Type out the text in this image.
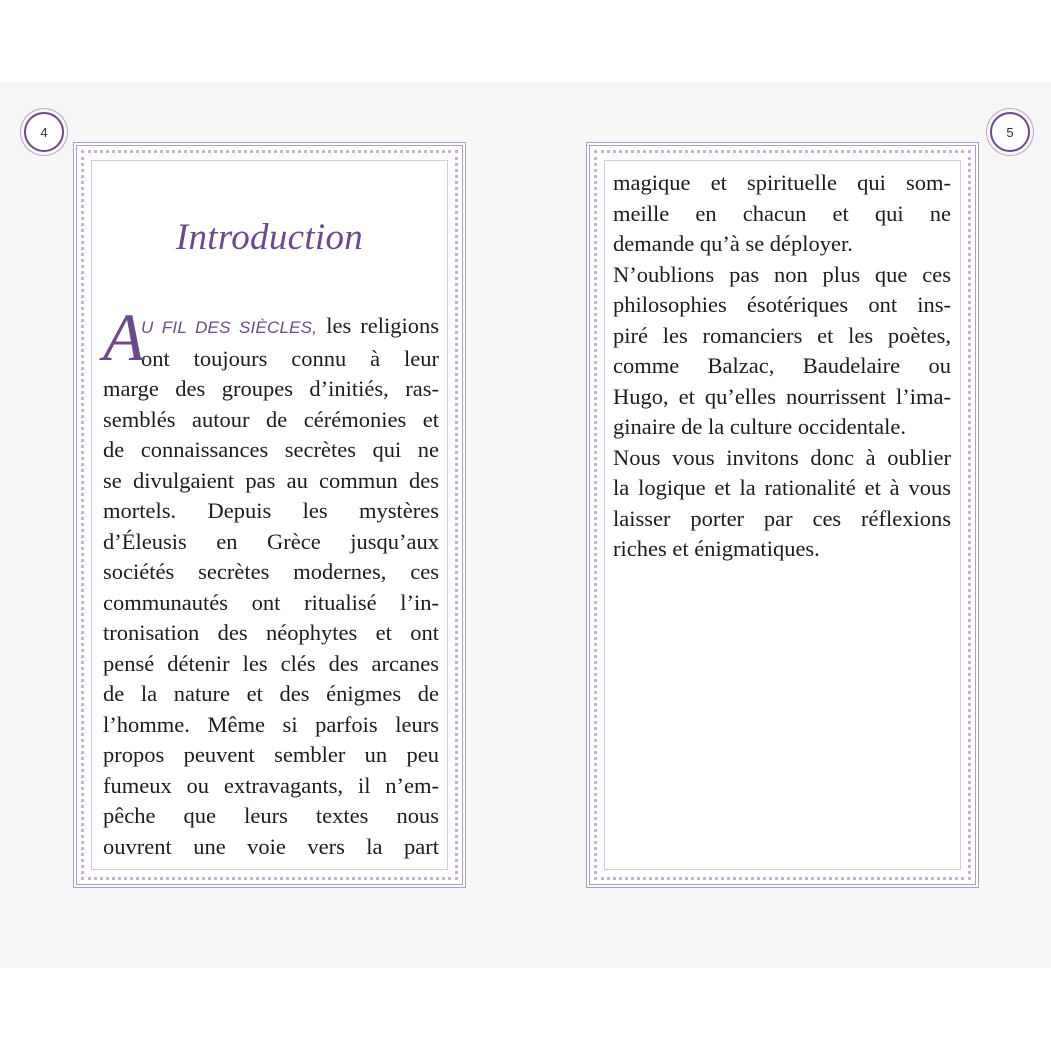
4	5
Introduction
A
U FIL DES SIÈCLES, les religions
ont toujours connu à leur
marge des groupes d’initiés, ras-
semblés autour de cérémonies et
de connaissances secrètes qui ne
se divulgaient pas au commun des
mortels. Depuis les mystères
d’Éleusis en Grèce jusqu’aux
sociétés secrètes modernes, ces
communautés ont ritualisé l’in-
tronisation des néophytes et ont
pensé détenir les clés des arcanes
de la nature et des énigmes de
l’homme. Même si parfois leurs
propos peuvent sembler un peu
fumeux ou extravagants, il n’em-
pêche que leurs textes nous
ouvrent une voie vers la part
magique et spirituelle qui som-
meille en chacun et qui ne
demande qu’à se déployer.
N’oublions pas non plus que ces
philosophies ésotériques ont ins-
piré les romanciers et les poètes,
comme Balzac, Baudelaire ou
Hugo, et qu’elles nourrissent l’ima-
ginaire de la culture occidentale.
Nous vous invitons donc à oublier
la logique et la rationalité et à vous
laisser porter par ces réflexions
riches et énigmatiques.
